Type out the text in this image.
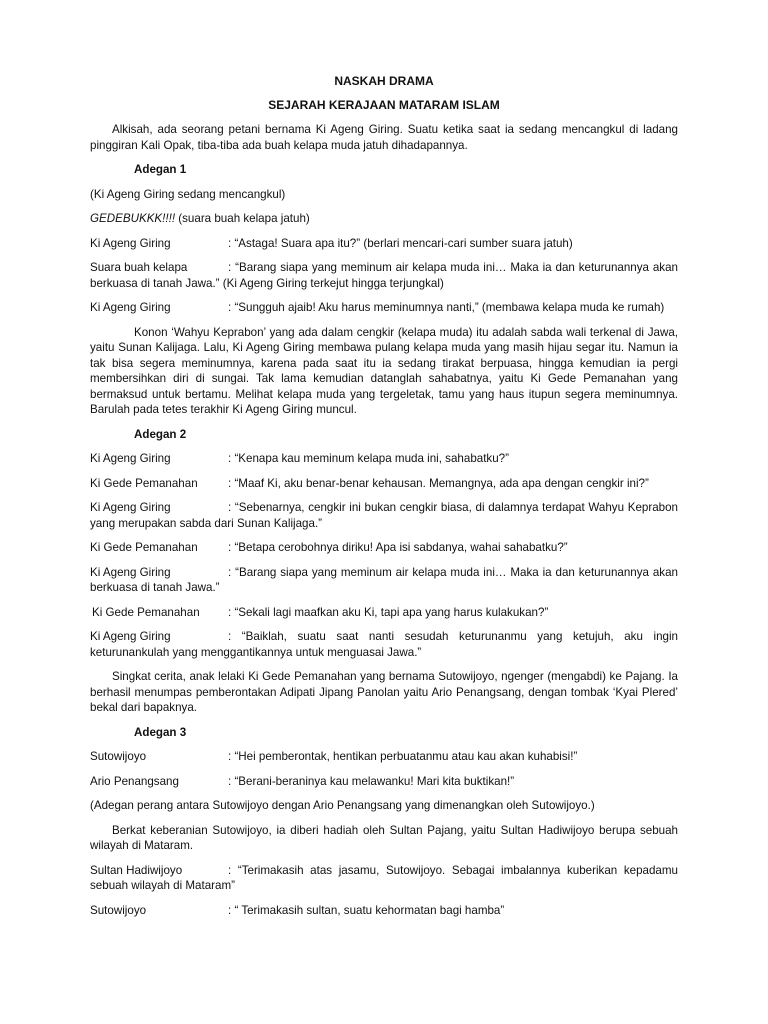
NASKAH DRAMA

SEJARAH KERAJAAN MATARAM ISLAM

Alkisah, ada seorang petani bernama Ki Ageng Giring. Suatu ketika saat ia sedang mencangkul di ladang pinggiran Kali Opak, tiba-tiba ada buah kelapa muda jatuh dihadapannya.

Adegan 1

(Ki Ageng Giring sedang mencangkul)

GEDEBUKKK!!!! (suara buah kelapa jatuh)

Ki Ageng Giring	: “Astaga! Suara apa itu?” (berlari mencari-cari sumber suara jatuh)

Suara buah kelapa	: “Barang siapa yang meminum air kelapa muda ini… Maka ia dan keturunannya akan berkuasa di tanah Jawa.” (Ki Ageng Giring terkejut hingga terjungkal)

Ki Ageng Giring	: “Sungguh ajaib! Aku harus meminumnya nanti,” (membawa kelapa muda ke rumah)

Konon ‘Wahyu Keprabon’ yang ada dalam cengkir (kelapa muda) itu adalah sabda wali terkenal di Jawa, yaitu Sunan Kalijaga. Lalu, Ki Ageng Giring membawa pulang kelapa muda yang masih hijau segar itu. Namun ia tak bisa segera meminumnya, karena pada saat itu ia sedang tirakat berpuasa, hingga kemudian ia pergi membersihkan diri di sungai. Tak lama kemudian datanglah sahabatnya, yaitu Ki Gede Pemanahan yang bermaksud untuk bertamu. Melihat kelapa muda yang tergeletak, tamu yang haus itupun segera meminumnya. Barulah pada tetes terakhir Ki Ageng Giring muncul.

Adegan 2

Ki Ageng Giring	: “Kenapa kau meminum kelapa muda ini, sahabatku?”

Ki Gede Pemanahan	: “Maaf Ki, aku benar-benar kehausan. Memangnya, ada apa dengan cengkir ini?”

Ki Ageng Giring	: “Sebenarnya, cengkir ini bukan cengkir biasa, di dalamnya terdapat Wahyu Keprabon yang merupakan sabda dari Sunan Kalijaga.”

Ki Gede Pemanahan	: “Betapa cerobohnya diriku! Apa isi sabdanya, wahai sahabatku?”

Ki Ageng Giring	: “Barang siapa yang meminum air kelapa muda ini… Maka ia dan keturunannya akan berkuasa di tanah Jawa.”

Ki Gede Pemanahan : “Sekali lagi maafkan aku Ki, tapi apa yang harus kulakukan?”

Ki Ageng Giring	: “Baiklah, suatu saat nanti sesudah keturunanmu yang ketujuh, aku ingin keturunankulah yang menggantikannya untuk menguasai Jawa.”

Singkat cerita, anak lelaki Ki Gede Pemanahan yang bernama Sutowijoyo, ngenger (mengabdi) ke Pajang. Ia berhasil menumpas pemberontakan Adipati Jipang Panolan yaitu Ario Penangsang, dengan tombak ‘Kyai Plered’ bekal dari bapaknya.

Adegan 3

Sutowijoyo	: “Hei pemberontak, hentikan perbuatanmu atau kau akan kuhabisi!”

Ario Penangsang	: “Berani-beraninya kau melawanku! Mari kita buktikan!”

(Adegan perang antara Sutowijoyo dengan Ario Penangsang yang dimenangkan oleh Sutowijoyo.)

Berkat keberanian Sutowijoyo, ia diberi hadiah oleh Sultan Pajang, yaitu Sultan Hadiwijoyo berupa sebuah wilayah di Mataram.

Sultan Hadiwijoyo	: “Terimakasih atas jasamu, Sutowijoyo. Sebagai imbalannya kuberikan kepadamu sebuah wilayah di Mataram”

Sutowijoyo	: “ Terimakasih sultan, suatu kehormatan bagi hamba”
